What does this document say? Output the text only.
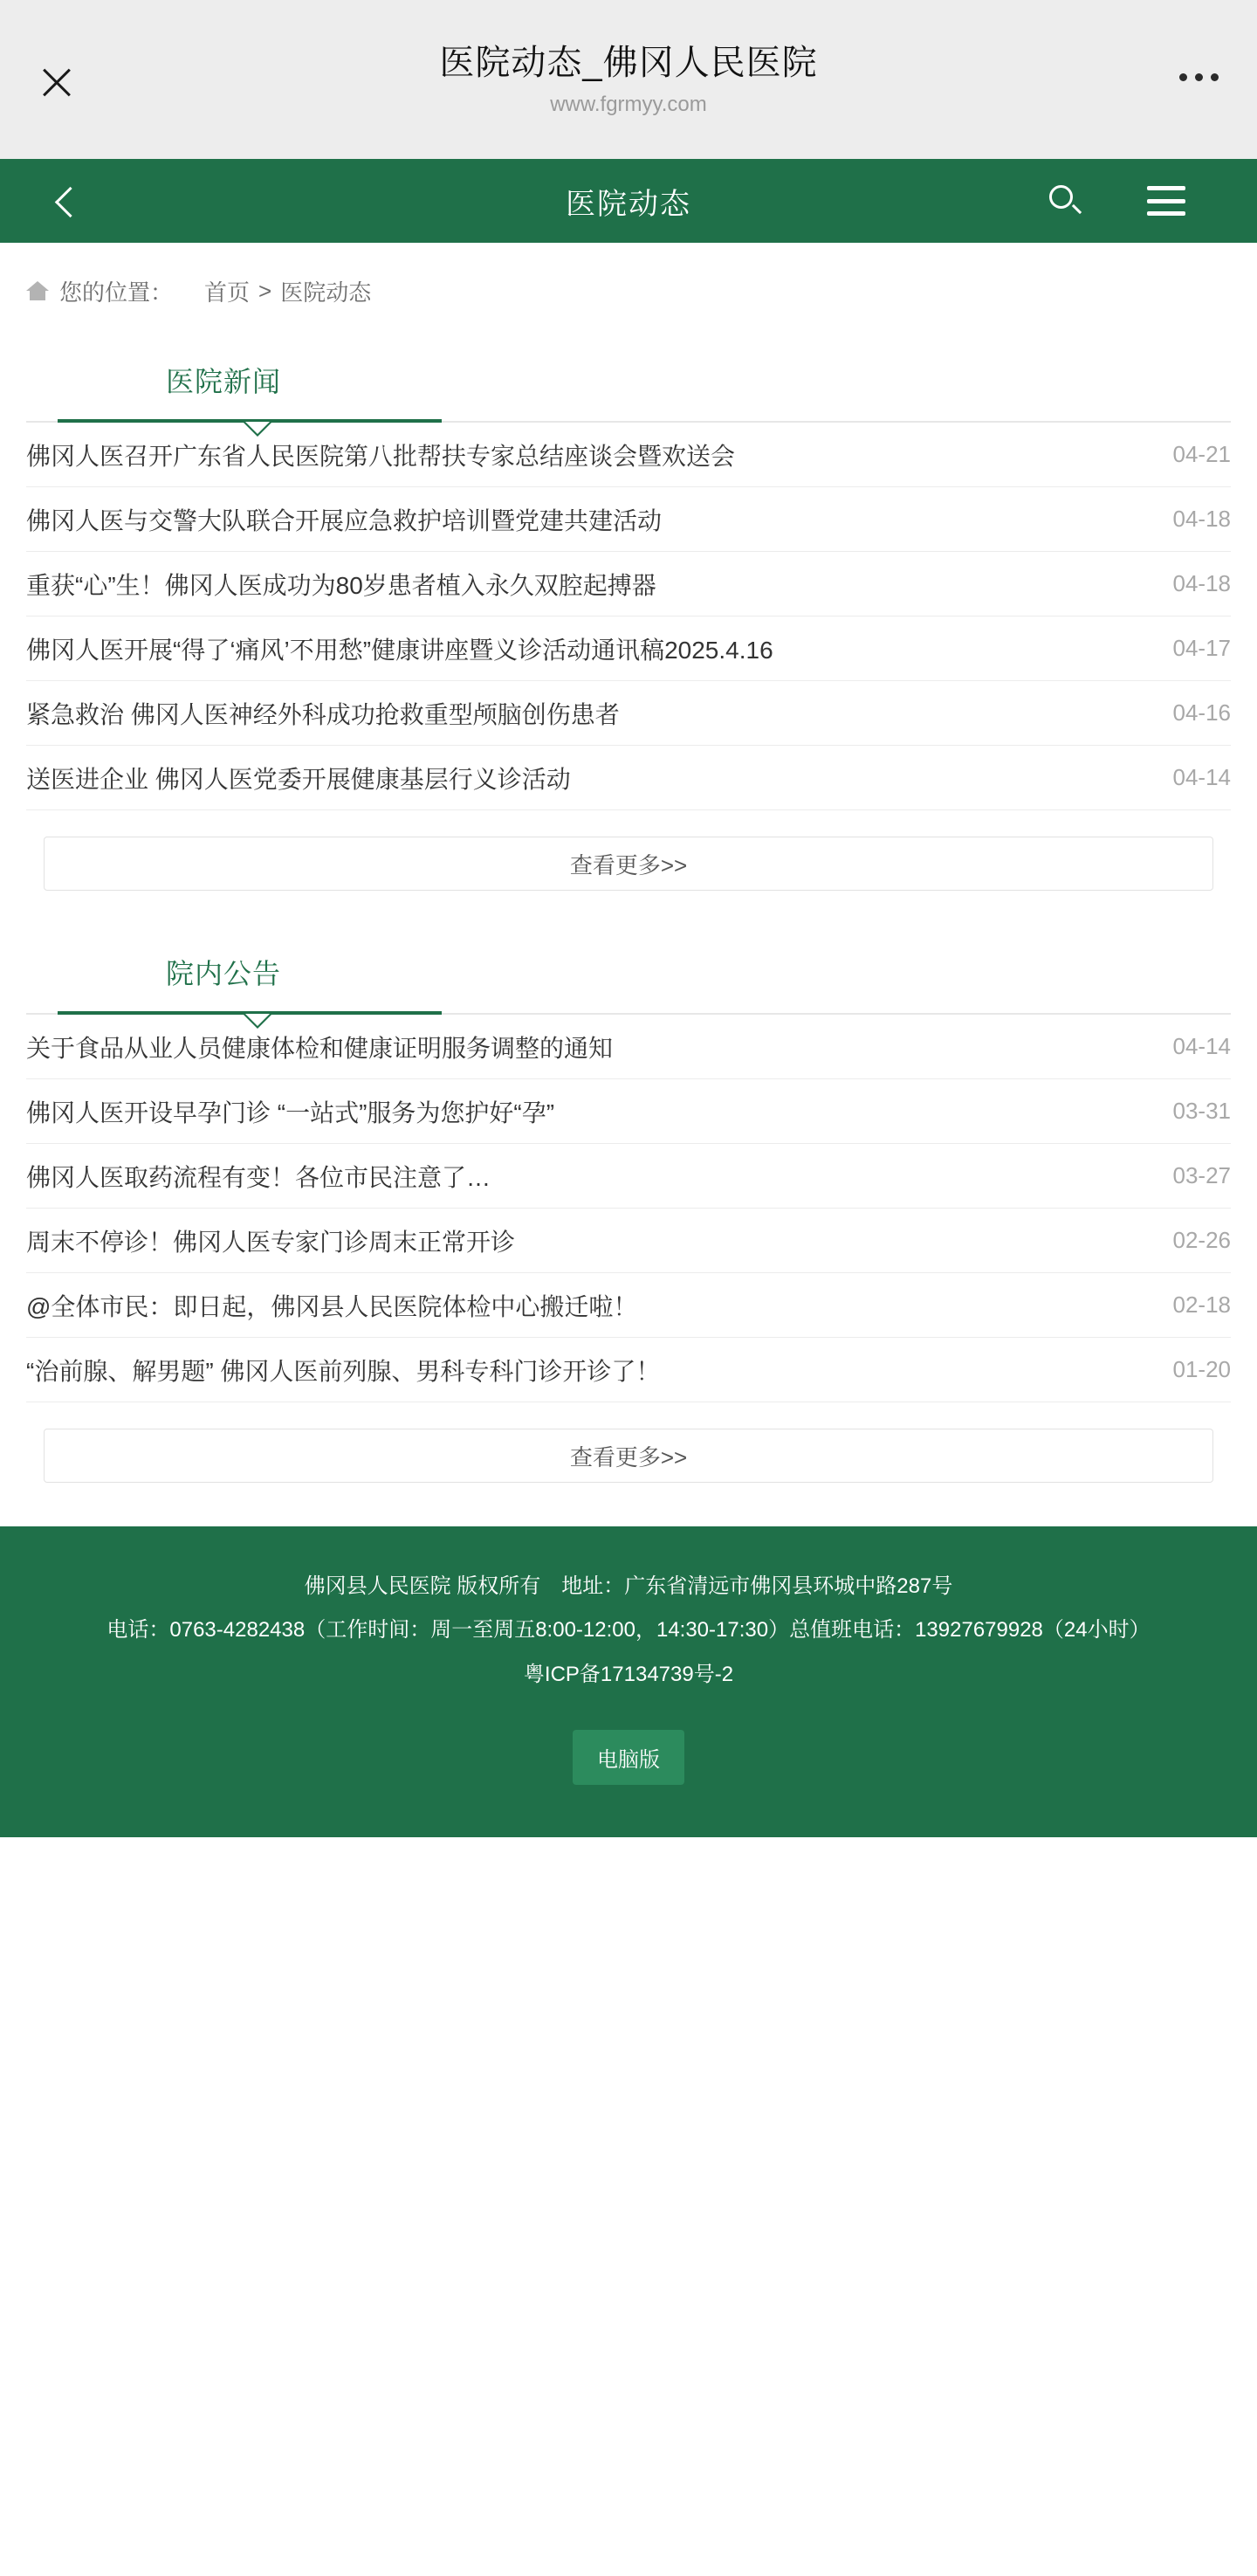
医院动态_佛冈人民医院
www.fgrmyy.com
医院动态
您的位置： 首页 > 医院动态
医院新闻
佛冈人医召开广东省人民医院第八批帮扶专家总结座谈会暨欢送会	04-21
佛冈人医与交警大队联合开展应急救护培训暨党建共建活动	04-18
重获“心”生！佛冈人医成功为80岁患者植入永久双腔起搏器	04-18
佛冈人医开展“得了‘痛风’不用愁”健康讲座暨义诊活动通讯稿2025.4.16	04-17
紧急救治 佛冈人医神经外科成功抢救重型颅脑创伤患者	04-16
送医进企业 佛冈人医党委开展健康基层行义诊活动	04-14
查看更多>>
院内公告
关于食品从业人员健康体检和健康证明服务调整的通知	04-14
佛冈人医开设早孕门诊 “一站式”服务为您护好“孕”	03-31
佛冈人医取药流程有变！各位市民注意了…	03-27
周末不停诊！佛冈人医专家门诊周末正常开诊	02-26
@全体市民：即日起，佛冈县人民医院体检中心搬迁啦！	02-18
“治前腺、解男题” 佛冈人医前列腺、男科专科门诊开诊了！	01-20
查看更多>>
佛冈县人民医院 版权所有　地址：广东省清远市佛冈县环城中路287号
电话：0763-4282438（工作时间：周一至周五8:00-12:00，14:30-17:30）总值班电话：13927679928（24小时）
粤ICP备17134739号-2
电脑版
